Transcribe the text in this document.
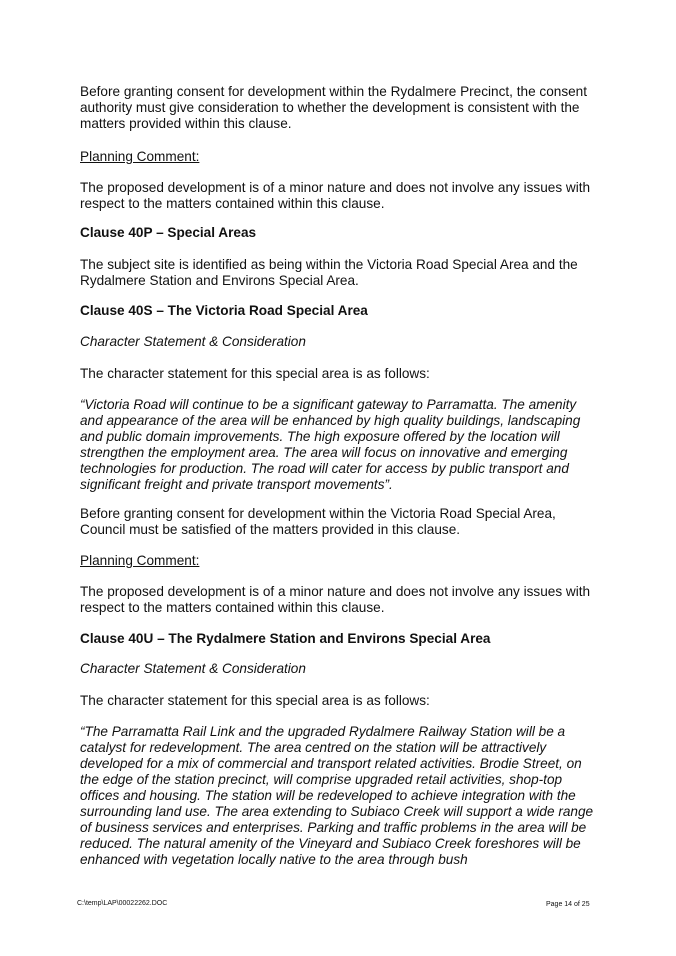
Before granting consent for development within the Rydalmere Precinct, the consent authority must give consideration to whether the development is consistent with the matters provided within this clause.

Planning Comment:

The proposed development is of a minor nature and does not involve any issues with respect to the matters contained within this clause.

Clause 40P – Special Areas

The subject site is identified as being within the Victoria Road Special Area and the Rydalmere Station and Environs Special Area.

Clause 40S – The Victoria Road Special Area

Character Statement & Consideration

The character statement for this special area is as follows:

“Victoria Road will continue to be a significant gateway to Parramatta. The amenity and appearance of the area will be enhanced by high quality buildings, landscaping and public domain improvements. The high exposure offered by the location will strengthen the employment area. The area will focus on innovative and emerging technologies for production. The road will cater for access by public transport and significant freight and private transport movements”.

Before granting consent for development within the Victoria Road Special Area, Council must be satisfied of the matters provided in this clause.

Planning Comment:

The proposed development is of a minor nature and does not involve any issues with respect to the matters contained within this clause.

Clause 40U – The Rydalmere Station and Environs Special Area

Character Statement & Consideration

The character statement for this special area is as follows:

“The Parramatta Rail Link and the upgraded Rydalmere Railway Station will be a catalyst for redevelopment. The area centred on the station will be attractively developed for a mix of commercial and transport related activities. Brodie Street, on the edge of the station precinct, will comprise upgraded retail activities, shop-top offices and housing. The station will be redeveloped to achieve integration with the surrounding land use. The area extending to Subiaco Creek will support a wide range of business services and enterprises. Parking and traffic problems in the area will be reduced. The natural amenity of the Vineyard and Subiaco Creek foreshores will be enhanced with vegetation locally native to the area through bush

C:\temp\LAP\00022262.DOC	Page 14 of 25
